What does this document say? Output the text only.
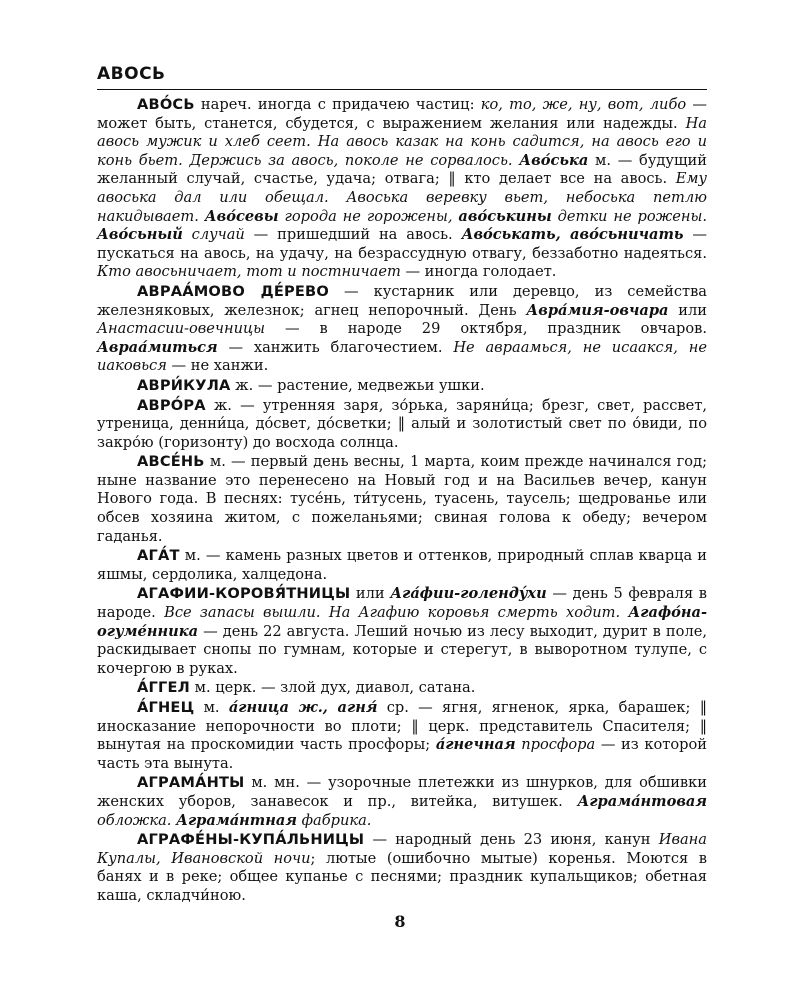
АВОСЬ

АВО́СЬ нареч. иногда с придачею частиц: ко, то, же, ну, вот, либо — может быть, станется, сбудется, с выражением желания или надежды. На авось мужик и хлеб сеет. На авось казак на конь садится, на авось его и конь бьет. Держись за авось, поколе не сорвалось. Аво́ська м. — будущий желанный случай, счастье, удача; отвага; ‖ кто делает все на авось. Ему авоська дал или обещал. Авоська веревку вьет, небоська петлю накидывает. Аво́севы города не горожены, аво́ськины детки не рожены. Аво́сьный случай — пришедший на авось. Аво́ськать, аво́сьничать — пускаться на авось, на удачу, на безрассудную отвагу, беззаботно надеяться. Кто авосьничает, тот и постничает — иногда голодает.

АВРАА́МОВО ДЕ́РЕВО — кустарник или деревцо, из семейства железняковых, железнок; агнец непорочный. День Авра́мия-овчара или Анастасии-овечницы — в народе 29 октября, праздник овчаров. Авраа́миться — ханжить благочестием. Не авраамься, не исаакся, не иаковься — не ханжи.

АВРИ́КУЛА ж. — растение, медвежьи ушки.

АВРО́РА ж. — утренняя заря, зо́рька, заряни́ца; брезг, свет, рассвет, утреница, денни́ца, до́свет, до́светки; ‖ алый и золотистый свет по о́види, по закро́ю (горизонту) до восхода солнца.

АВСЕ́НЬ м. — первый день весны, 1 марта, коим прежде начинался год; ныне название это перенесено на Новый год и на Васильев вечер, канун Нового года. В песнях: тусе́нь, ти́тусень, туасень, таусель; щедрованье или обсев хозяина житом, с пожеланьями; свиная голова к обеду; вечером гаданья.

АГА́Т м. — камень разных цветов и оттенков, природный сплав кварца и яшмы, сердолика, халцедона.

АГАФИИ-КОРОВЯ́ТНИЦЫ или Ага́фии-голендýхи — день 5 февраля в народе. Все запасы вышли. На Агафию коровья смерть ходит. Агафо́на-огуме́нника — день 22 августа. Леший ночью из лесу выходит, дурит в поле, раскидывает снопы по гумнам, которые и стерегут, в выворотном тулупе, с кочергою в руках.

А́ГГЕЛ м. церк. — злой дух, диавол, сатана.

А́ГНЕЦ м. а́гница ж., агня́ ср. — ягня, ягненок, ярка, барашек; ‖ иносказание непорочности во плоти; ‖ церк. представитель Спасителя; ‖ вынутая на проскомидии часть просфоры; а́гнечная просфора — из которой часть эта вынута.

АГРАМА́НТЫ м. мн. — узорочные плетежки из шнурков, для обшивки женских уборов, занавесок и пр., витейка, витушек. Аграма́нтовая обложка. Аграма́нтная фабрика.

АГРАФЕ́НЫ-КУПА́ЛЬНИЦЫ — народный день 23 июня, канун Ивана Купалы, Ивановской ночи; лютые (ошибочно мытые) коренья. Моются в банях и в реке; общее купанье с песнями; праздник купальщиков; обетная каша, складчи́ною.

8
